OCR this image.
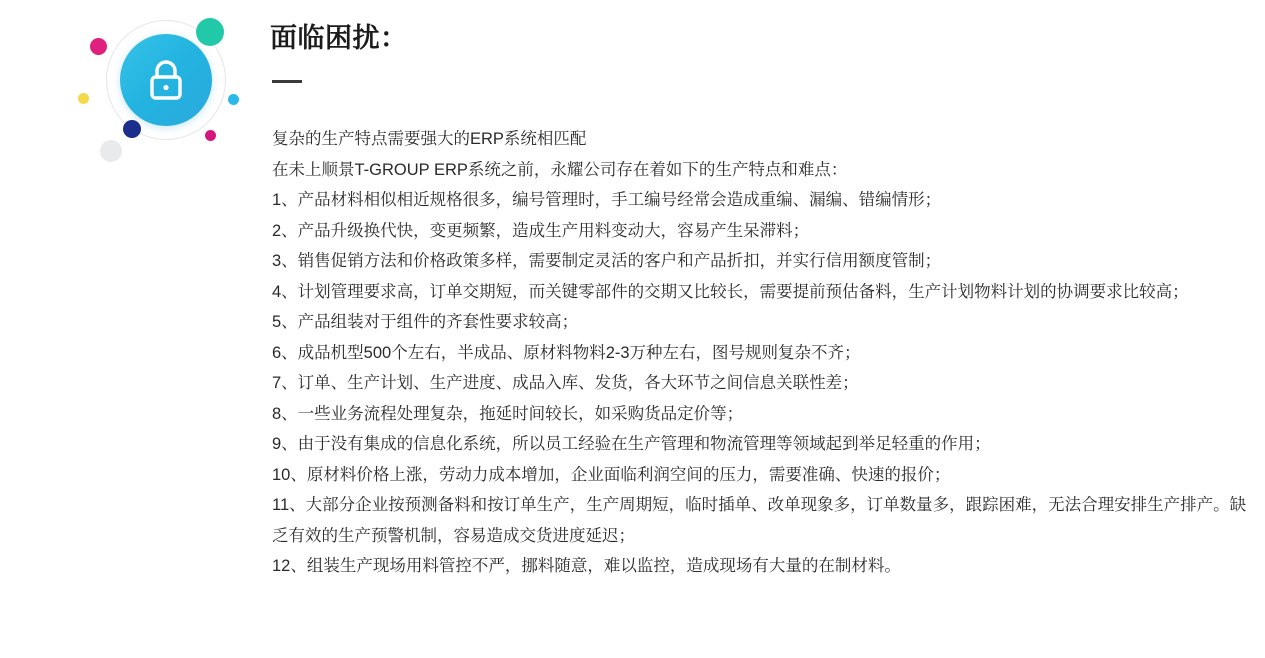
面临困扰：
复杂的生产特点需要强大的ERP系统相匹配
在未上顺景T-GROUP ERP系统之前，永耀公司存在着如下的生产特点和难点：
1、产品材料相似相近规格很多，编号管理时，手工编号经常会造成重编、漏编、错编情形；
2、产品升级换代快，变更频繁，造成生产用料变动大，容易产生呆滞料；
3、销售促销方法和价格政策多样，需要制定灵活的客户和产品折扣，并实行信用额度管制；
4、计划管理要求高，订单交期短，而关键零部件的交期又比较长，需要提前预估备料，生产计划物料计划的协调要求比较高；
5、产品组装对于组件的齐套性要求较高；
6、成品机型500个左右，半成品、原材料物料2-3万种左右，图号规则复杂不齐；
7、订单、生产计划、生产进度、成品入库、发货，各大环节之间信息关联性差；
8、一些业务流程处理复杂，拖延时间较长，如采购货品定价等；
9、由于没有集成的信息化系统，所以员工经验在生产管理和物流管理等领域起到举足轻重的作用；
10、原材料价格上涨，劳动力成本增加，企业面临利润空间的压力，需要准确、快速的报价；
11、大部分企业按预测备料和按订单生产，生产周期短，临时插单、改单现象多，订单数量多，跟踪困难，无法合理安排生产排产。缺乏有效的生产预警机制，容易造成交货进度延迟；
12、组装生产现场用料管控不严，挪料随意，难以监控，造成现场有大量的在制材料。
